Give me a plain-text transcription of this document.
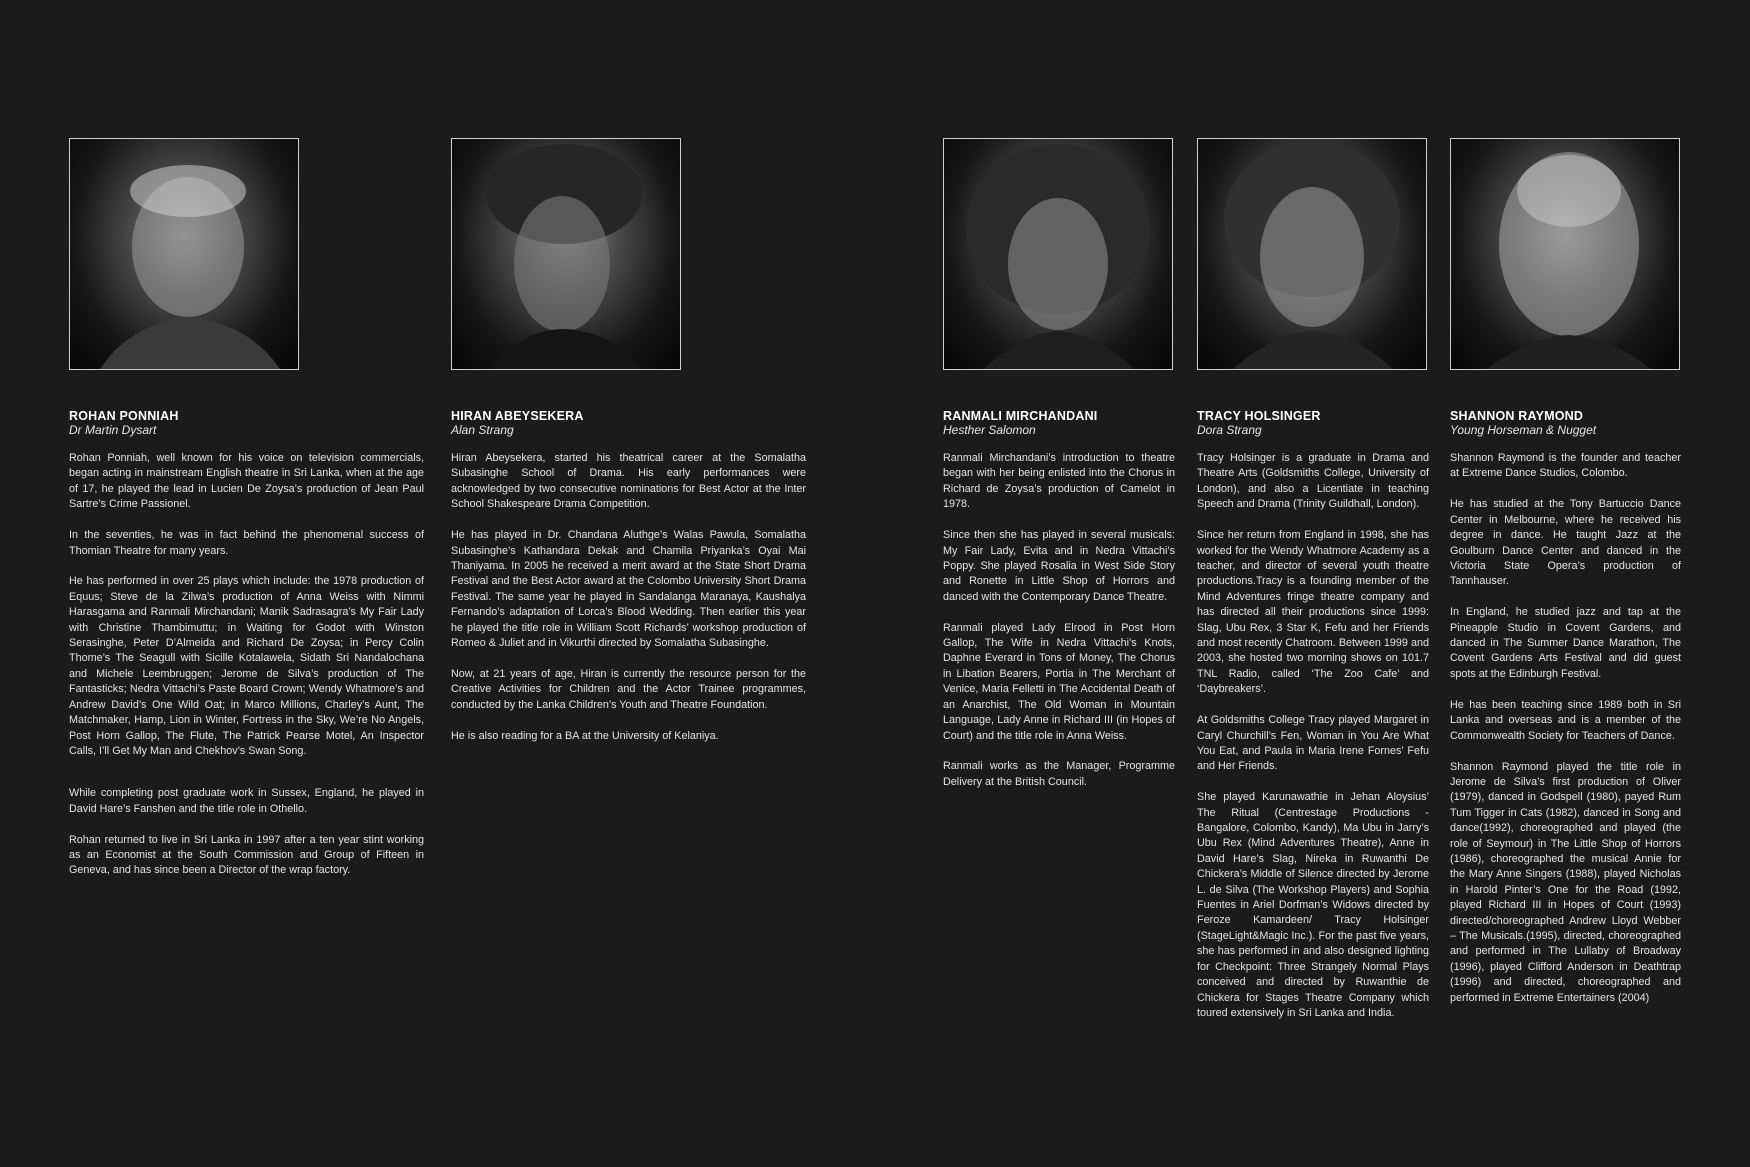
ROHAN PONNIAH
Dr Martin Dysart

Rohan Ponniah, well known for his voice on television commercials, began acting in mainstream English theatre in Sri Lanka, when at the age of 17, he played the lead in Lucien De Zoysa’s production of Jean Paul Sartre’s Crime Passionel.

In the seventies, he was in fact behind the phenomenal success of Thomian Theatre for many years.

He has performed in over 25 plays which include: the 1978 production of Equus; Steve de la Zilwa’s production of Anna Weiss with Nimmi Harasgama and Ranmali Mirchandani; Manik Sadrasagra’s My Fair Lady with Christine Thambimuttu; in Waiting for Godot with Winston Serasinghe, Peter D’Almeida and Richard De Zoysa; in Percy Colin Thome’s The Seagull with Sicille Kotalawela, Sidath Sri Nandalochana and Michele Leembruggen; Jerome de Silva’s production of The Fantasticks; Nedra Vittachi’s Paste Board Crown; Wendy Whatmore’s and Andrew David’s One Wild Oat; in Marco Millions, Charley’s Aunt, The Matchmaker, Hamp, Lion in Winter, Fortress in the Sky, We’re No Angels, Post Horn Gallop, The Flute, The Patrick Pearse Motel, An Inspector Calls, I’ll Get My Man and Chekhov’s Swan Song.

While completing post graduate work in Sussex, England, he played in David Hare’s Fanshen and the title role in Othello.

Rohan returned to live in Sri Lanka in 1997 after a ten year stint working as an Economist at the South Commission and Group of Fifteen in Geneva, and has since been a Director of the wrap factory.

HIRAN ABEYSEKERA
Alan Strang

Hiran Abeysekera, started his theatrical career at the Somalatha Subasinghe School of Drama. His early performances were acknowledged by two consecutive nominations for Best Actor at the Inter School Shakespeare Drama Competition.

He has played in Dr. Chandana Aluthge’s Walas Pawula, Somalatha Subasinghe’s Kathandara Dekak and Chamila Priyanka’s Oyai Mai Thaniyama. In 2005 he received a merit award at the State Short Drama Festival and the Best Actor award at the Colombo University Short Drama Festival. The same year he played in Sandalanga Maranaya, Kaushalya Fernando’s adaptation of Lorca’s Blood Wedding. Then earlier this year he played the title role in William Scott Richards’ workshop production of Romeo & Juliet and in Vikurthi directed by Somalatha Subasinghe.

Now, at 21 years of age, Hiran is currently the resource person for the Creative Activities for Children and the Actor Trainee programmes, conducted by the Lanka Children’s Youth and Theatre Foundation.

He is also reading for a BA at the University of Kelaniya.

RANMALI MIRCHANDANI
Hesther Salomon

Ranmali Mirchandani’s introduction to theatre began with her being enlisted into the Chorus in Richard de Zoysa’s production of Camelot in 1978.

Since then she has played in several musicals: My Fair Lady, Evita and in Nedra Vittachi’s Poppy. She played Rosalia in West Side Story and Ronette in Little Shop of Horrors and danced with the Contemporary Dance Theatre.

Ranmali played Lady Elrood in Post Horn Gallop, The Wife in Nedra Vittachi’s Knots, Daphne Everard in Tons of Money, The Chorus in Libation Bearers, Portia in The Merchant of Venice, Maria Felletti in The Accidental Death of an Anarchist, The Old Woman in Mountain Language, Lady Anne in Richard III (in Hopes of Court) and the title role in Anna Weiss.

Ranmali works as the Manager, Programme Delivery at the British Council.

TRACY HOLSINGER
Dora Strang

Tracy Holsinger is a graduate in Drama and Theatre Arts (Goldsmiths College, University of London), and also a Licentiate in teaching Speech and Drama (Trinity Guildhall, London).

Since her return from England in 1998, she has worked for the Wendy Whatmore Academy as a teacher, and director of several youth theatre productions.Tracy is a founding member of the Mind Adventures fringe theatre company and has directed all their productions since 1999: Slag, Ubu Rex, 3 Star K, Fefu and her Friends and most recently Chatroom. Between 1999 and 2003, she hosted two morning shows on 101.7 TNL Radio, called ‘The Zoo Cafe’ and ‘Daybreakers’.

At Goldsmiths College Tracy played Margaret in Caryl Churchill’s Fen, Woman in You Are What You Eat, and Paula in Maria Irene Fornes’ Fefu and Her Friends.

She played Karunawathie in Jehan Aloysius’ The Ritual (Centrestage Productions - Bangalore, Colombo, Kandy), Ma Ubu in Jarry’s Ubu Rex (Mind Adventures Theatre), Anne in David Hare’s Slag, Nireka in Ruwanthi De Chickera’s Middle of Silence directed by Jerome L. de Silva (The Workshop Players) and Sophia Fuentes in Ariel Dorfman’s Widows directed by Feroze Kamardeen/ Tracy Holsinger (StageLight&Magic Inc.). For the past five years, she has performed in and also designed lighting for Checkpoint: Three Strangely Normal Plays conceived and directed by Ruwanthie de Chickera for Stages Theatre Company which toured extensively in Sri Lanka and India.

SHANNON RAYMOND
Young Horseman & Nugget

Shannon Raymond is the founder and teacher at Extreme Dance Studios, Colombo.

He has studied at the Tony Bartuccio Dance Center in Melbourne, where he received his degree in dance. He taught Jazz at the Goulburn Dance Center and danced in the Victoria State Opera’s production of Tannhauser.

In England, he studied jazz and tap at the Pineapple Studio in Covent Gardens, and danced in The Summer Dance Marathon, The Covent Gardens Arts Festival and did guest spots at the Edinburgh Festival.

He has been teaching since 1989 both in Sri Lanka and overseas and is a member of the Commonwealth Society for Teachers of Dance.

Shannon Raymond played the title role in Jerome de Silva’s first production of Oliver (1979), danced in Godspell (1980), payed Rum Tum Tigger in Cats (1982), danced in Song and dance(1992), choreographed and played (the role of Seymour) in The Little Shop of Horrors (1986), choreographed the musical Annie for the Mary Anne Singers (1988), played Nicholas in Harold Pinter’s One for the Road (1992, played Richard III in Hopes of Court (1993) directed/choreographed Andrew Lloyd Webber – The Musicals.(1995), directed, choreographed and performed in The Lullaby of Broadway (1996), played Clifford Anderson in Deathtrap (1996) and directed, choreographed and performed in Extreme Entertainers (2004)
